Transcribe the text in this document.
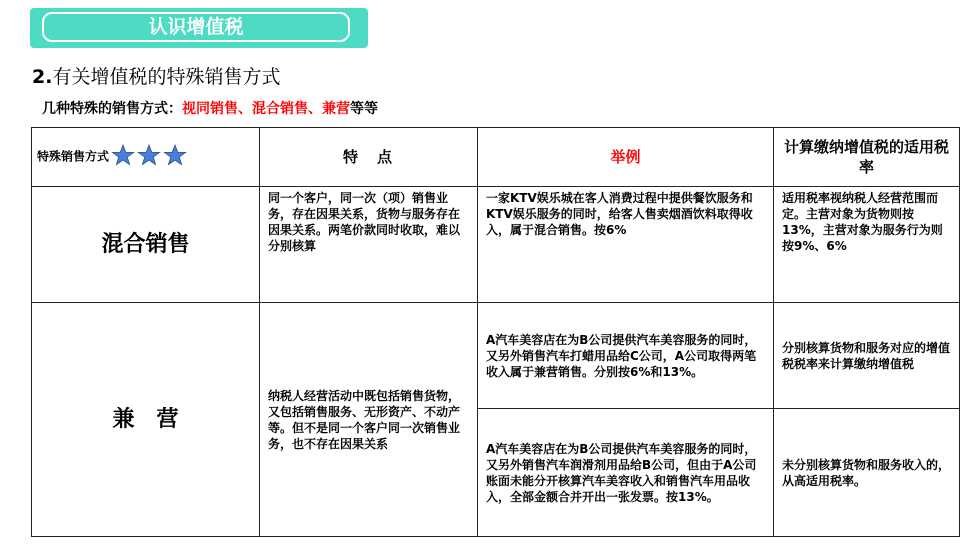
认识增值税
2.有关增值税的特殊销售方式
几种特殊的销售方式：视同销售、混合销售、兼营等等
特殊销售方式	特　点	举例	计算缴纳增值税的适用税率
混合销售	同一个客户，同一次（项）销售业务，存在因果关系，货物与服务存在因果关系。两笔价款同时收取，难以分别核算	一家KTV娱乐城在客人消费过程中提供餐饮服务和KTV娱乐服务的同时，给客人售卖烟酒饮料取得收入，属于混合销售。按6%	适用税率视纳税人经营范围而定。主营对象为货物则按13%，主营对象为服务行为则按9%、6%
兼　营	纳税人经营活动中既包括销售货物，又包括销售服务、无形资产、不动产等。但不是同一个客户同一次销售业务，也不存在因果关系	A汽车美容店在为B公司提供汽车美容服务的同时，又另外销售汽车打蜡用品给C公司，A公司取得两笔收入属于兼营销售。分别按6%和13%。	分别核算货物和服务对应的增值税税率来计算缴纳增值税
		A汽车美容店在为B公司提供汽车美容服务的同时，又另外销售汽车润滑剂用品给B公司，但由于A公司账面未能分开核算汽车美容收入和销售汽车用品收入，全部金额合并开出一张发票。按13%。	未分别核算货物和服务收入的，从高适用税率。
